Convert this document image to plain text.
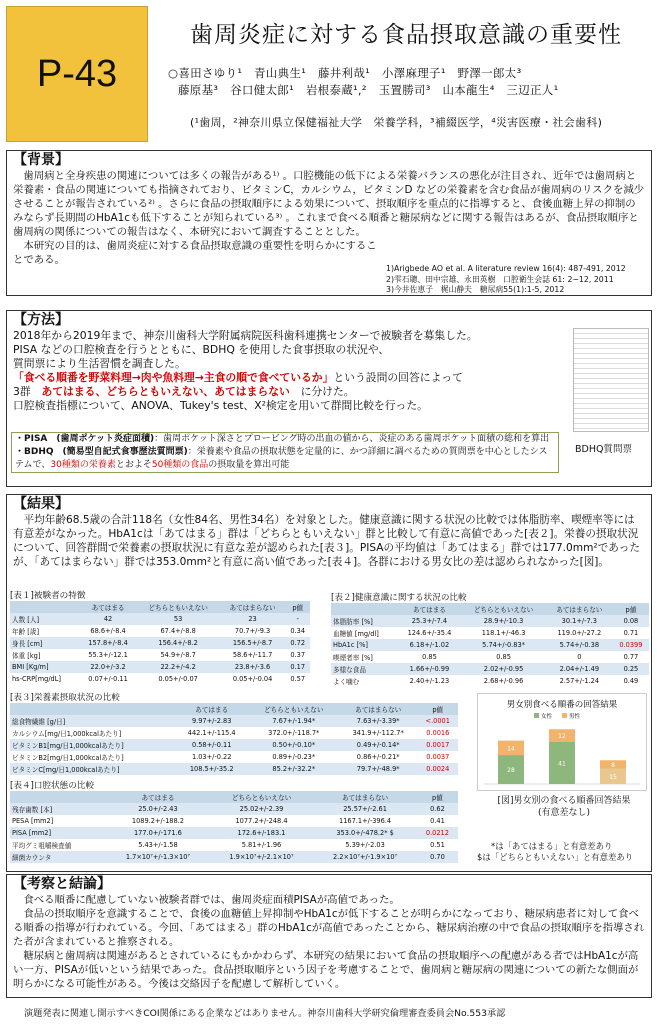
P-43
歯周炎症に対する食品摂取意識の重要性
○喜田さゆり¹　青山典生¹　藤井利哉¹　小澤麻理子¹　野澤一郎太³
藤原基³　谷口健太郎¹　岩根泰蔵¹,²　玉置勝司³　山本龍生⁴　三辺正人¹
(¹歯周，²神奈川県立保健福祉大学　栄養学科，³補綴医学，⁴災害医療・社会歯科)
【背景】

歯周病と全身疾患の関連については多くの報告がある¹⁾ 。口腔機能の低下による栄養バランスの悪化が注目され、近年では歯周病と栄養素・食品の関連についても指摘されており、ビタミンC，カルシウム，ビタミンD などの栄養素を含む食品が歯周病のリスクを減少させることが報告されている²⁾ 。さらに食品の摂取順序による効果について、摂取順序を重点的に指導すると、食後血糖上昇の抑制のみならず長期間のHbA1cも低下することが知られている³⁾ 。これまで食べる順番と糖尿病などに関する報告はあるが、食品摂取順序と歯周病の関係についての報告はなく、本研究において調査することとした。

本研究の目的は、歯周炎症に対する食品摂取意識の重要性を明らかにすることである。

1)Arigbede AO et al. A literature review 16(4): 487-491, 2012
2)雫石聰、田中宗雄、永田英樹　口腔衛生会誌 61: 2−12, 2011
3)今井佐恵子　梶山静夫　糖尿病55(1):1-5, 2012
【方法】

2018年から2019年まで、神奈川歯科大学附属病院医科歯科連携センターで被験者を募集した。

PISA などの口腔検査を行うとともに、BDHQ を使用した食事摂取の状況や、

質問票により生活習慣を調査した。

「食べる順番を野菜料理→肉や魚料理→主食の順で食べているか」という設問の回答によって

3群　あてはまる、どちらともいえない、あてはまらない　に分けた。

口腔検査指標について、ANOVA、Tukey's test、X²検定を用いて群間比較を行った。

・PISA　(歯周ポケット炎症面積)：歯周ポケット深さとプロービング時の出血の値から、炎症のある歯周ポケット面積の総和を算出
・BDHQ　(簡易型自記式食事歴法質問票)：栄養素や食品の摂取状態を定量的に、かつ詳細に調べるための質問票を中心としたシステムで、30種類の栄養素とおよそ50種類の食品の摂取量を算出可能
BDHQ質問票
【結果】

平均年齢68.5歳の合計118名（女性84名、男性34名）を対象とした。健康意識に関する状況の比較では体脂肪率、喫煙率等には有意差がなかった。HbA1cは「あてはまる」群は「どちらともいえない」群と比較して有意に高値であった[表２]。栄養の摂取状況について、回答群間で栄養素の摂取状況に有意な差が認められた[表３]。PISAの平均値は「あてはまる」群では177.0mm²であったが、「あてはまらない」群では353.0mm²と有意に高い値であった[表４]。各群における男女比の差は認められなかった[図]。

[表１]被験者の特徴
	あてはまる	どちらともいえない	あてはまらない	p値
人数 [人]	42	53	23	-
年齢 [歳]	68.6+/-8.4	67.4+/-8.8	70.7+/-9.3	0.34
身長 [cm]	157.8+/-8.4	156.4+/-8.2	156.5+/-8.7	0.72
体重 [kg]	55.3+/-12.1	54.9+/-8.7	58.6+/-11.7	0.37
BMI [Kg/m]	22.0+/-3.2	22.2+/-4.2	23.8+/-3.6	0.17
hs-CRP[mg/dL]	0.07+/-0.11	0.05+/-0.07	0.05+/-0.04	0.57
[表２]健康意識に関する状況の比較
	あてはまる	どちらともいえない	あてはまらない	p値
体脂肪率 [%]	25.3+/-7.4	28.9+/-10.3	30.1+/-7.3	0.08
血糖値 [mg/dl]	124.6+/-35.4	118.1+/-46.3	119.0+/-27.2	0.71
HbA1c [%]	6.18+/-1.02	5.74+/-0.83*	5.74+/-0.38	0.0399
喫煙者率 [%]	0.85	0.85	0	0.77
多様な食品	1.66+/-0.99	2.02+/-0.95	2.04+/-1.49	0.25
よく噛む	2.40+/-1.23	2.68+/-0.96	2.57+/-1.24	0.49
[表３]栄養素摂取状況の比較
	あてはまる	どちらともいえない	あてはまらない	p値
総食物繊維 [g/日]	9.97+/-2.83	7.67+/-1.94*	7.63+/-3.39*	<.0001
カルシウム[mg/日1,000kcalあたり]	442.1+/-115.4	372.0+/-118.7*	341.9+/-112.7*	0.0016
ビタミンB1[mg/日1,000kcalあたり]	0.58+/-0.11	0.50+/-0.10*	0.49+/-0.14*	0.0017
ビタミンB2[mg/日1,000kcalあたり]	1.03+/-0.22	0.89+/-0.23*	0.86+/-0.21*	0.0037
ビタミンC[mg/日1,000kcalあたり]	108.5+/-35.2	85.2+/-32.2*	79.7+/-48.9*	0.0024
[表４]口腔状態の比較
	あてはまる	どちらともいえない	あてはまらない	p値
残存歯数 [本]	25.0+/-2.43	25.02+/-2.39	25.57+/-2.61	0.62
PESA [mm2]	1089.2+/-188.2	1077.2+/-248.4	1167.1+/-396.4	0.41
PISA [mm2]	177.0+/-171.6	172.6+/-183.1	353.0+/-478.2* $	0.0212
平均グミ咀嚼検査値	5.43+/-1.58	5.81+/-1.96	5.39+/-2.03	0.51
細菌カウンタ	1.7×10⁷+/-1.3×10⁷	1.9×10⁷+/-2.1×10⁷	2.2×10⁷+/-1.9×10⁷	0.70
男女別食べる順番の回答結果
女性	男性
28
14
41
12
15
8
[図]男女別の食べる順番回答結果
(有意差なし)
*は「あてはまる」と有意差あり
$は「どちらともいえない」と有意差あり
【考察と結論】

食べる順番に配慮していない被験者群では、歯周炎症面積PISAが高値であった。

食品の摂取順序を意識することで、食後の血糖値上昇抑制やHbA1cが低下することが明らかになっており、糖尿病患者に対して食べる順番の指導が行われている。今回、「あてはまる」群のHbA1cが高値であったことから、糖尿病治療の中で食品の摂取順序を指導された者が含まれていると推察される。

糖尿病と歯周病は関連があるとされているにもかかわらず、本研究の結果において食品の摂取順序への配慮がある者ではHbA1cが高い一方、PISAが低いという結果であった。食品摂取順序という因子を考慮することで、歯周病と糖尿病の関連についての新たな側面が明らかになる可能性がある。今後は交絡因子を配慮して解析していく。

演題発表に関連し開示すべきCOI関係にある企業などはありません。神奈川歯科大学研究倫理審査委員会No.553承認
